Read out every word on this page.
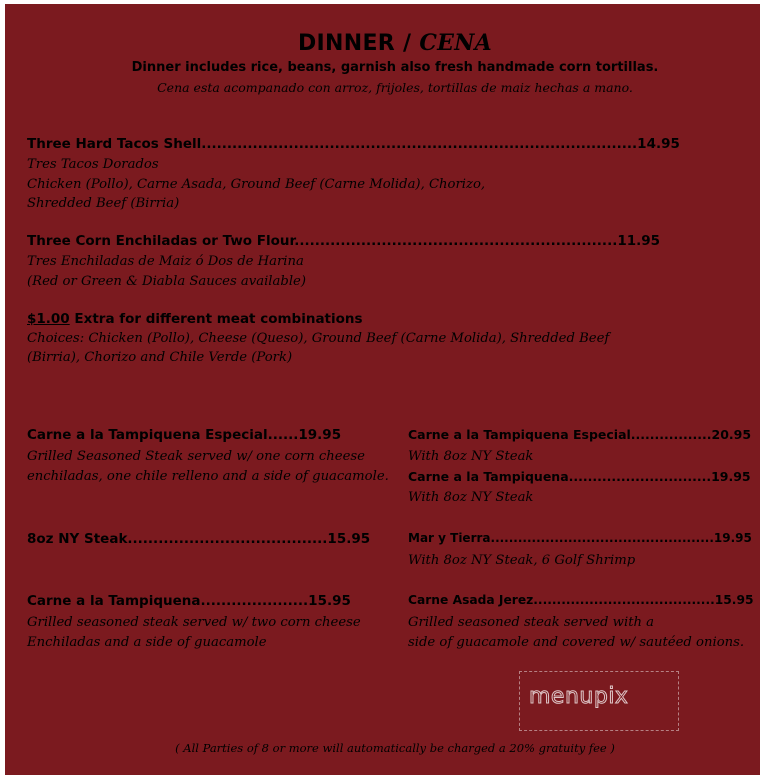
DINNER / CENA
Dinner includes rice, beans, garnish also fresh handmade corn tortillas.
Cena esta acompanado con arroz, frijoles, tortillas de maiz hechas a mano.
Three Hard Tacos Shell.....................................................................................14.95
Tres Tacos Dorados
Chicken (Pollo), Carne Asada, Ground Beef (Carne Molida), Chorizo,
Shredded Beef (Birria)
Three Corn Enchiladas or Two Flour...............................................................11.95
Tres Enchiladas de Maiz ó Dos de Harina
(Red or Green & Diabla Sauces available)
$1.00 Extra for different meat combinations
Choices: Chicken (Pollo), Cheese (Queso), Ground Beef (Carne Molida), Shredded Beef
(Birria), Chorizo and Chile Verde (Pork)
Carne a la Tampiquena Especial......19.95
Grilled Seasoned Steak served w/ one corn cheese
enchiladas, one chile relleno and a side of guacamole.
8oz NY Steak.......................................15.95
Carne a la Tampiquena.....................15.95
Grilled seasoned steak served w/ two corn cheese
Enchiladas and a side of guacamole
Carne a la Tampiquena Especial.................20.95
With 8oz NY Steak
Carne a la Tampiquena..............................19.95
With 8oz NY Steak
Mar y Tierra.................................................19.95
With 8oz NY Steak, 6 Golf Shrimp
Carne Asada Jerez.......................................15.95
Grilled seasoned steak served with a
side of guacamole and covered w/ sautéed onions.
menupix
( All Parties of 8 or more will automatically be charged a 20% gratuity fee )
